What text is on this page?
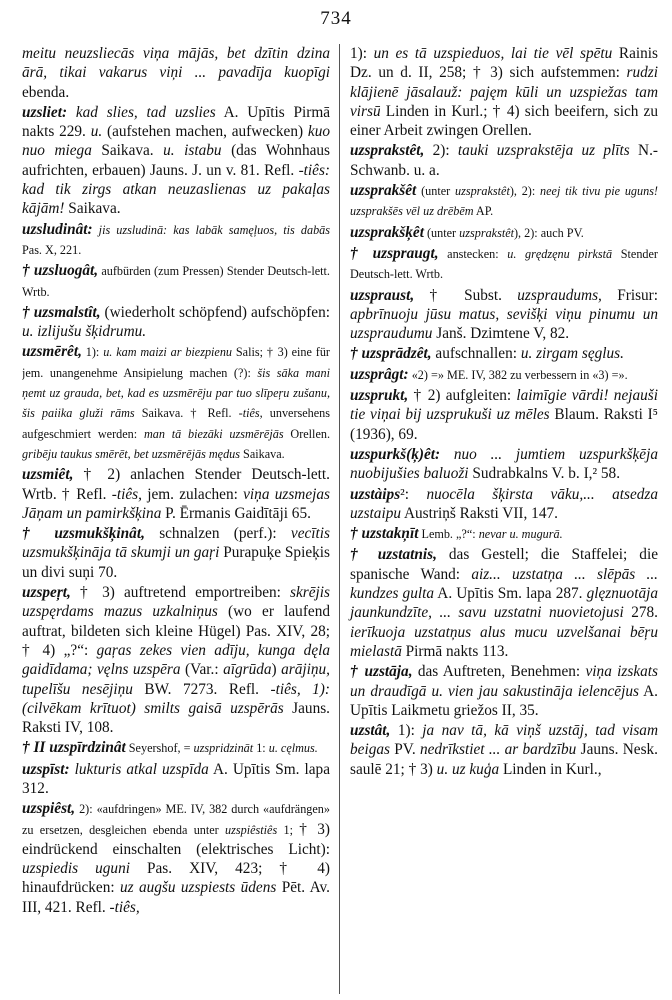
734

meitu neuzsliecās viņa mājās, bet dzītin dzina ārā, tikai vakarus viņi ... pavadīja kuopīgi ebenda.

uzsliet: kad slies, tad uzslies A. Upītis Pirmā nakts 229. u. (aufstehen machen, aufwecken) kuo nuo miega Saikava. u. istabu (das Wohnhaus aufrichten, erbauen) Jauns. J. un v. 81. Refl. -tiês: kad tik zirgs atkan neuzaslienas uz pakaļas kājām! Saikava.

uzsludinât: jis uzsludinā: kas labāk samęļuos, tis dabās Pas. X, 221.

† uzsluogât, aufbürden (zum Pressen) Stender Deutsch-lett. Wrtb.

† uzsmalstît, (wiederholt schöpfend) aufschöpfen: u. izlijušu šķidrumu.

uzsmērêt, 1): u. kam maizi ar biezpienu Salis; † 3) eine für jem. unangenehme Ansipielung machen (?): šis sāka mani ņemt uz grauda, bet, kad es uzsmērēju par tuo slīpeŗu zušanu, šis paiika gluži rāms Saikava. † Refl. -tiês, unversehens aufgeschmiert werden: man tā biezāki uzsmērējās Orellen. gribēju taukus smērēt, bet uzsmērējās mędus Saikava.

uzsmiêt, † 2) anlachen Stender Deutsch-lett. Wrtb. † Refl. -tiês, jem. zulachen: viņa uzsmejas Jāņam un pamirkšķina P. Ērmanis Gaidītāji 65.

† uzsmukšķinât, schnalzen (perf.): vecītis uzsmukšķināja tā skumji un gaŗi Purapuķe Spieķis un divi suņi 70.

uzspeŗt, † 3) auftretend emportreiben: skrējis uzspęrdams mazus uzkalniņus (wo er laufend auftrat, bildeten sich kleine Hügel) Pas. XIV, 28; † 4) „?“: gaŗas zekes vien adīju, kunga dęla gaidīdama; vęlns uzspēra (Var.: aīgrūda) arājiņu, tupelīšu nesējiņu BW. 7273. Refl. -tiês, 1): (cilvēkam krītuot) smilts gaisā uzspērās Jauns. Raksti IV, 108.

† II uzspīrdzinât Seyershof, = uzspridzināt 1: u. cęlmus.

uzspīst: lukturis atkal uzspīda A. Upītis Sm. lapa 312.

uzspiêst, 2): «aufdringen» ME. IV, 382 durch «aufdrängen» zu ersetzen, desgleichen ebenda unter uzspiêstiês 1; † 3) eindrückend einschalten (elektrisches Licht): uzspiedis uguni Pas. XIV, 423; † 4) hinaufdrücken: uz augšu uzspiests ūdens Pēt. Av. III, 421. Refl. -tiês,

1): un es tā uzspieduos, lai tie vēl spētu Rainis Dz. un d. II, 258; † 3) sich aufstemmen: rudzi klājienē jāsalauž: pajęm kūli un uzspiežas tam virsū Linden in Kurl.; † 4) sich beeifern, sich zu einer Arbeit zwingen Orellen.

uzsprakstêt, 2): tauki uzsprakstēja uz plīts N.-Schwanb. u. a.

uzsprakšêt (unter uzsprakstêt), 2): neej tik tivu pie uguns! uzsprakšēs vēl uz drēbēm AP.

uzsprakšķêt (unter uzsprakstêt), 2): auch PV.

† uzspraugt, anstecken: u. grędzęnu pirkstā Stender Deutsch-lett. Wrtb.

uzspraust, † Subst. uzspraudums, Frisur: apbrīnuoju jūsu matus, sevišķi viņu pinumu un uzspraudumu Janš. Dzimtene V, 82.

† uzsprādzêt, aufschnallen: u. zirgam sęglus.

uzsprâgt: «2) =» ME. IV, 382 zu verbessern in «3) =».

uzsprukt, † 2) aufgleiten: laimīgie vārdi! nejauši tie viņai bij uzsprukuši uz mēles Blaum. Raksti I⁵ (1936), 69.

uzspurkš(ķ)êt: nuo ... jumtiem uzspurkšķēja nuobijušies baluoži Sudrabkalns V. b. I,² 58.

uzstàips²: nuocēla šķirsta vāku,... atsedza uzstaipu Austriņš Raksti VII, 147.

† uzstakņīt Lemb. „?“: nevar u. mugurā.

† uzstatnis, das Gestell; die Staffelei; die spanische Wand: aiz... uzstatņa ... slēpās ... kundzes gulta A. Upītis Sm. lapa 287. glęznuotāja jaunkundzīte, ... savu uzstatni nuovietojusi 278. ierīkuoja uzstatņus alus mucu uzvelšanai bēŗu mielastā Pirmā nakts 113.

† uzstāja, das Auftreten, Benehmen: viņa izskats un draudīgā u. vien jau sakustināja ielencējus A. Upītis Laikmetu griežos II, 35.

uzstât, 1): ja nav tā, kā viņš uzstāj, tad visam beigas PV. nedrīkstiet ... ar bardzību Jauns. Nesk. saulē 21; † 3) u. uz kuģa Linden in Kurl.,
